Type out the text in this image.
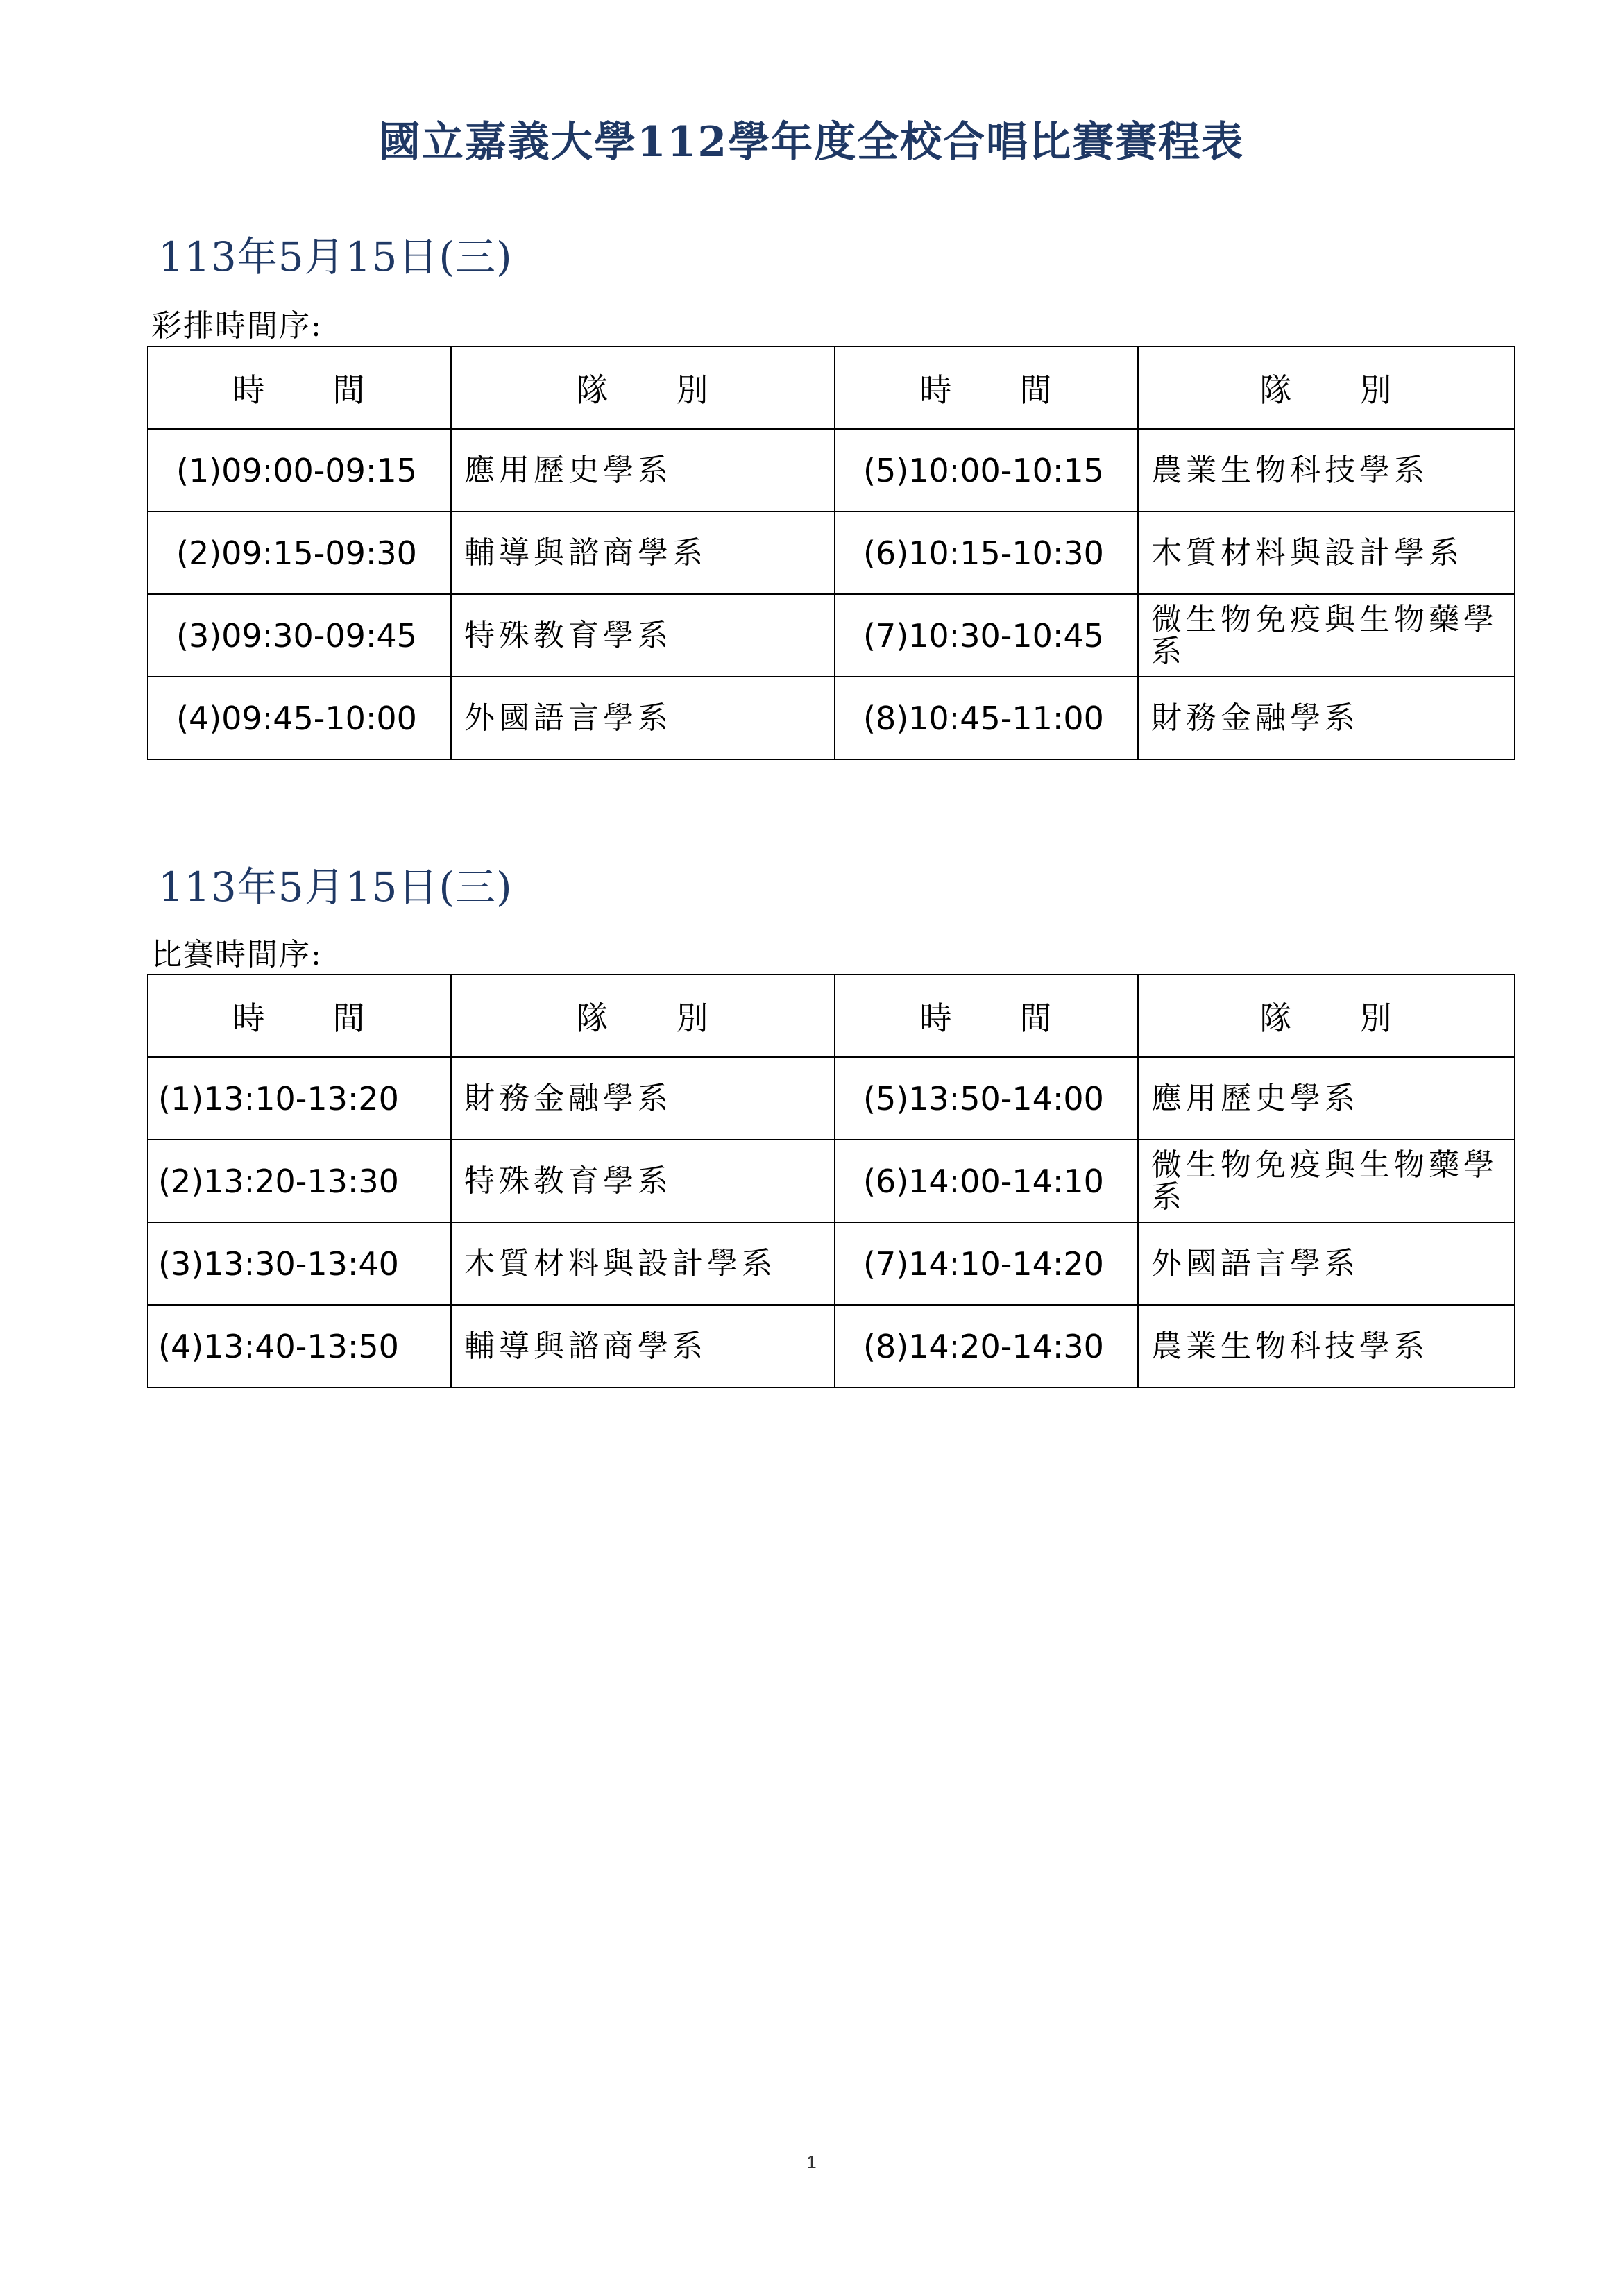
國立嘉義大學112學年度全校合唱比賽賽程表
113年5月15日(三)
彩排時間序:
時　　間	隊　　別	時　　間	隊　　別
(1)09:00-09:15	應用歷史學系	(5)10:00-10:15	農業生物科技學系
(2)09:15-09:30	輔導與諮商學系	(6)10:15-10:30	木質材料與設計學系
(3)09:30-09:45	特殊教育學系	(7)10:30-10:45	微生物免疫與生物藥學系
(4)09:45-10:00	外國語言學系	(8)10:45-11:00	財務金融學系
113年5月15日(三)
比賽時間序:
時　　間	隊　　別	時　　間	隊　　別
(1)13:10-13:20	財務金融學系	(5)13:50-14:00	應用歷史學系
(2)13:20-13:30	特殊教育學系	(6)14:00-14:10	微生物免疫與生物藥學系
(3)13:30-13:40	木質材料與設計學系	(7)14:10-14:20	外國語言學系
(4)13:40-13:50	輔導與諮商學系	(8)14:20-14:30	農業生物科技學系
1
